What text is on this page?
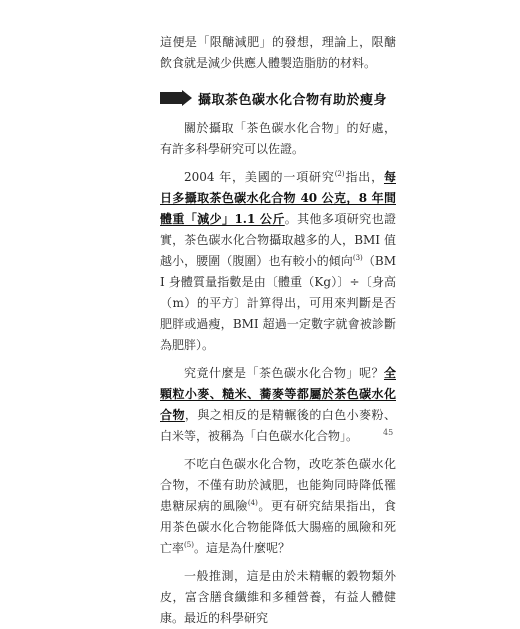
這便是「限醣減肥」的發想，理論上，限醣飲食就是減少供應人體製造脂肪的材料。

攝取茶色碳水化合物有助於瘦身

關於攝取「茶色碳水化合物」的好處，有許多科學研究可以佐證。

2004 年，美國的一項研究$^{(2)}$指出，每日多攝取茶色碳水化合物 40 公克，8 年間體重「減少」1.1 公斤。其他多項研究也證實，茶色碳水化合物攝取越多的人，BMI 值越小，腰圍（腹圍）也有較小的傾向$^{(3)}$（BMI 身體質量指數是由〔體重（Kg）〕÷〔身高（m）的平方〕計算得出，可用來判斷是否肥胖或過瘦，BMI 超過一定數字就會被診斷為肥胖）。

究竟什麼是「茶色碳水化合物」呢？全顆粒小麥、糙米、蕎麥等都屬於茶色碳水化合物，與之相反的是精輾後的白色小麥粉、白米等，被稱為「白色碳水化合物」。

不吃白色碳水化合物，改吃茶色碳水化合物，不僅有助於減肥，也能夠同時降低罹患糖尿病的風險$^{(4)}$。更有研究結果指出，食用茶色碳水化合物能降低大腸癌的風險和死亡率$^{(5)}$。這是為什麼呢？

一般推測，這是由於未精輾的穀物類外皮，富含膳食纖維和多種營養，有益人體健康。最近的科學研究

45
